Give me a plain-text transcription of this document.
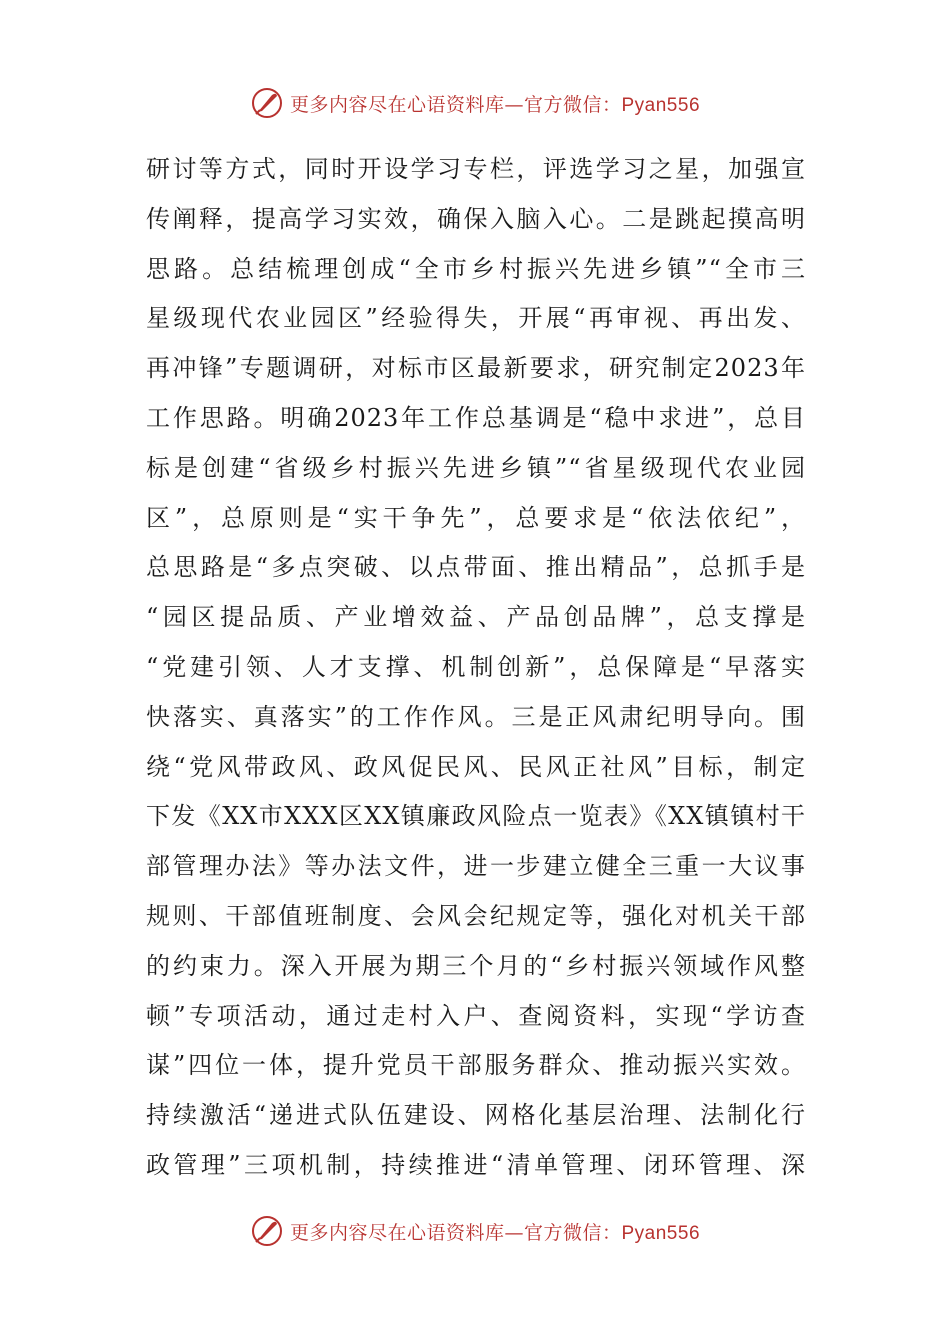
更多内容尽在心语资料库—官方微信：Pyan556
研讨等方式，同时开设学习专栏，评选学习之星，加强宣
传阐释，提高学习实效，确保入脑入心。二是跳起摸高明
思路。总结梳理创成“全市乡村振兴先进乡镇”“全市三
星级现代农业园区”经验得失，开展“再审视、再出发、
再冲锋”专题调研，对标市区最新要求，研究制定2023年
工作思路。明确2023年工作总基调是“稳中求进”，总目
标是创建“省级乡村振兴先进乡镇”“省星级现代农业园
区”，总原则是“实干争先”，总要求是“依法依纪”，
总思路是“多点突破、以点带面、推出精品”，总抓手是
“园区提品质、产业增效益、产品创品牌”，总支撑是
“党建引领、人才支撑、机制创新”，总保障是“早落实
快落实、真落实”的工作作风。三是正风肃纪明导向。围
绕“党风带政风、政风促民风、民风正社风”目标，制定
下发《XX市XXX区XX镇廉政风险点一览表》《XX镇镇村干
部管理办法》等办法文件，进一步建立健全三重一大议事
规则、干部值班制度、会风会纪规定等，强化对机关干部
的约束力。深入开展为期三个月的“乡村振兴领域作风整
顿”专项活动，通过走村入户、查阅资料，实现“学访查
谋”四位一体，提升党员干部服务群众、推动振兴实效。
持续激活“递进式队伍建设、网格化基层治理、法制化行
政管理”三项机制，持续推进“清单管理、闭环管理、深
更多内容尽在心语资料库—官方微信：Pyan556
